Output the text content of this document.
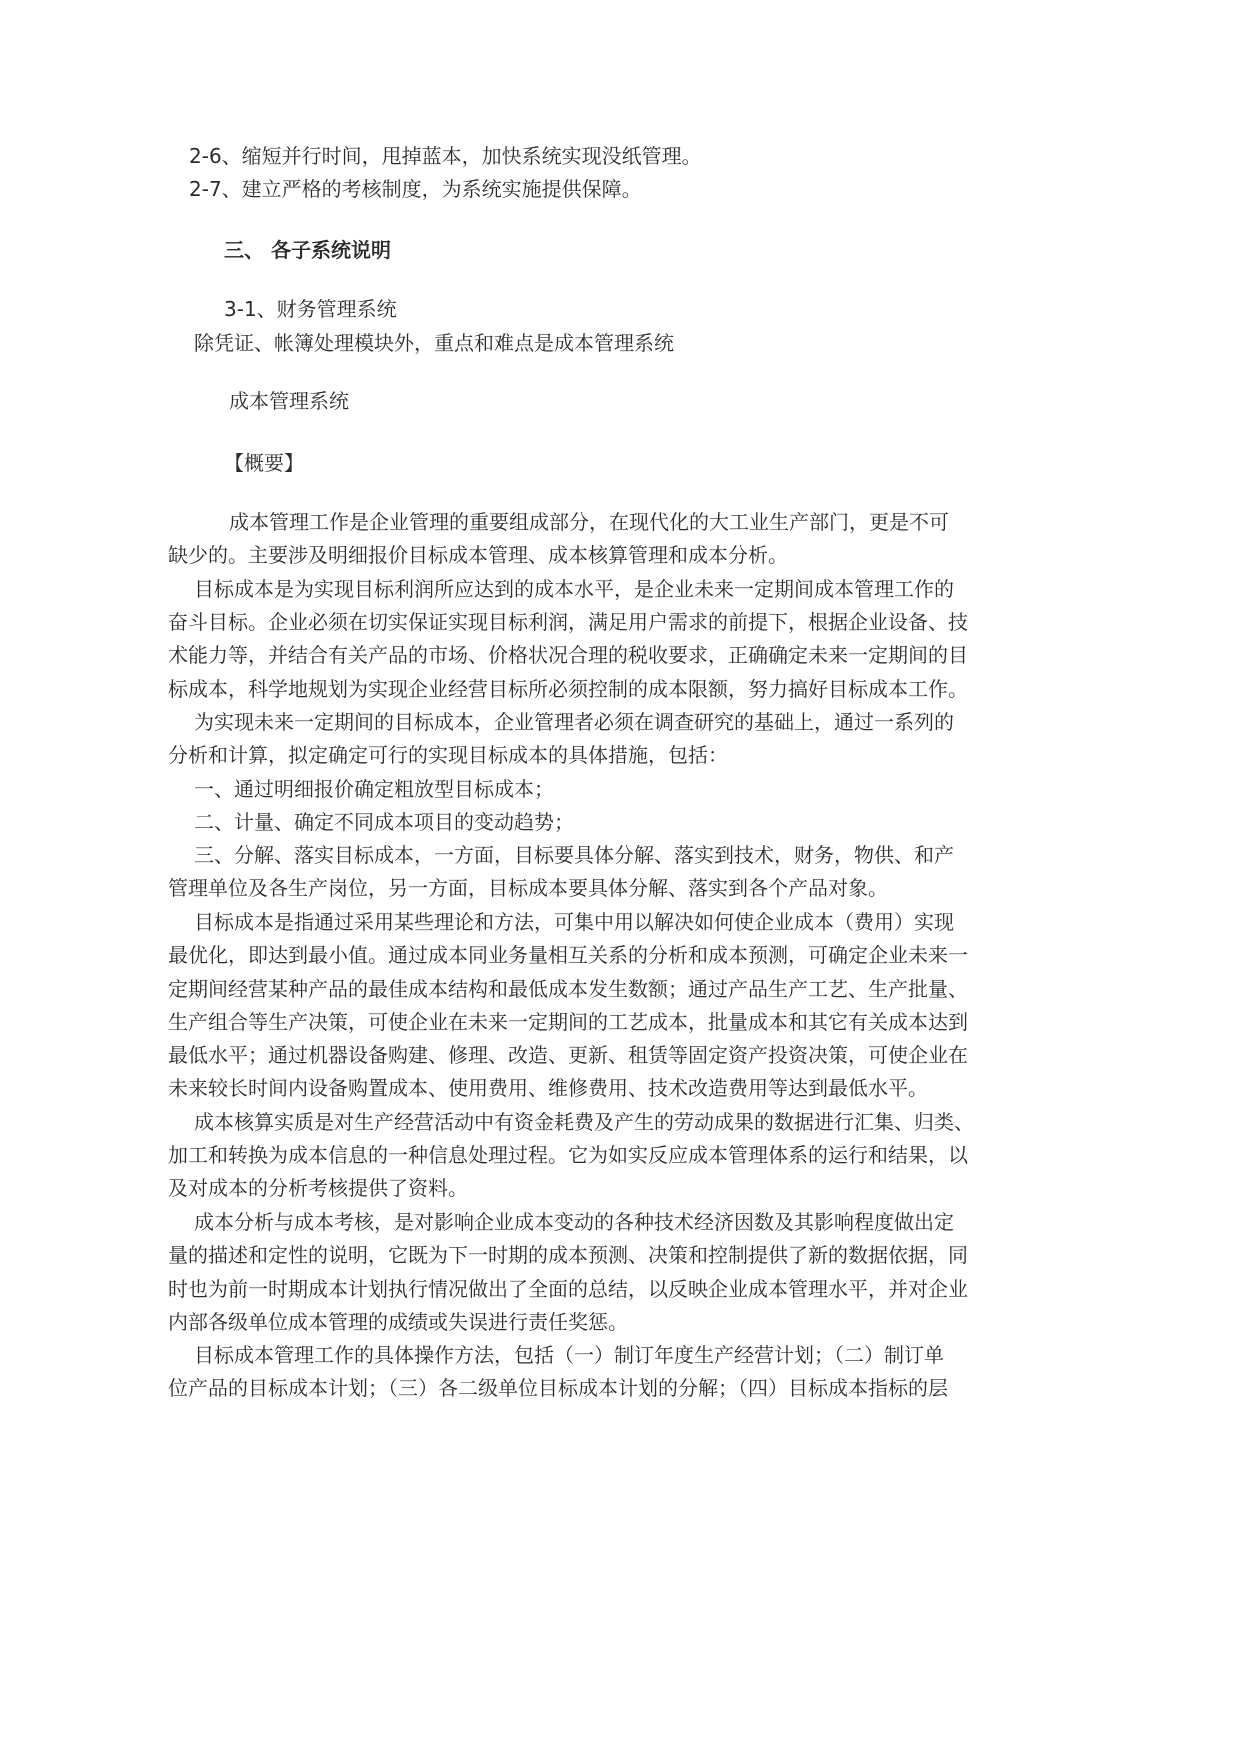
2-6、缩短并行时间，甩掉蓝本，加快系统实现没纸管理。

2-7、建立严格的考核制度，为系统实施提供保障。

三、 各子系统说明

3-1、财务管理系统

除凭证、帐簿处理模块外，重点和难点是成本管理系统

成本管理系统

【概要】

成本管理工作是企业管理的重要组成部分，在现代化的大工业生产部门，更是不可

缺少的。主要涉及明细报价目标成本管理、成本核算管理和成本分析。

目标成本是为实现目标利润所应达到的成本水平，是企业未来一定期间成本管理工作的

奋斗目标。企业必须在切实保证实现目标利润，满足用户需求的前提下，根据企业设备、技

术能力等，并结合有关产品的市场、价格状况合理的税收要求，正确确定未来一定期间的目

标成本，科学地规划为实现企业经营目标所必须控制的成本限额，努力搞好目标成本工作。

为实现未来一定期间的目标成本，企业管理者必须在调查研究的基础上，通过一系列的

分析和计算，拟定确定可行的实现目标成本的具体措施，包括：

一、通过明细报价确定粗放型目标成本；

二、计量、确定不同成本项目的变动趋势；

三、分解、落实目标成本，一方面，目标要具体分解、落实到技术，财务，物供、和产

管理单位及各生产岗位，另一方面，目标成本要具体分解、落实到各个产品对象。

目标成本是指通过采用某些理论和方法，可集中用以解决如何使企业成本（费用）实现

最优化，即达到最小值。通过成本同业务量相互关系的分析和成本预测，可确定企业未来一

定期间经营某种产品的最佳成本结构和最低成本发生数额；通过产品生产工艺、生产批量、

生产组合等生产决策，可使企业在未来一定期间的工艺成本，批量成本和其它有关成本达到

最低水平；通过机器设备购建、修理、改造、更新、租赁等固定资产投资决策，可使企业在

未来较长时间内设备购置成本、使用费用、维修费用、技术改造费用等达到最低水平。

成本核算实质是对生产经营活动中有资金耗费及产生的劳动成果的数据进行汇集、归类、

加工和转换为成本信息的一种信息处理过程。它为如实反应成本管理体系的运行和结果，以

及对成本的分析考核提供了资料。

成本分析与成本考核，是对影响企业成本变动的各种技术经济因数及其影响程度做出定

量的描述和定性的说明，它既为下一时期的成本预测、决策和控制提供了新的数据依据，同

时也为前一时期成本计划执行情况做出了全面的总结，以反映企业成本管理水平，并对企业

内部各级单位成本管理的成绩或失误进行责任奖惩。

目标成本管理工作的具体操作方法，包括（一）制订年度生产经营计划；（二）制订单

位产品的目标成本计划；（三）各二级单位目标成本计划的分解；（四）目标成本指标的层
